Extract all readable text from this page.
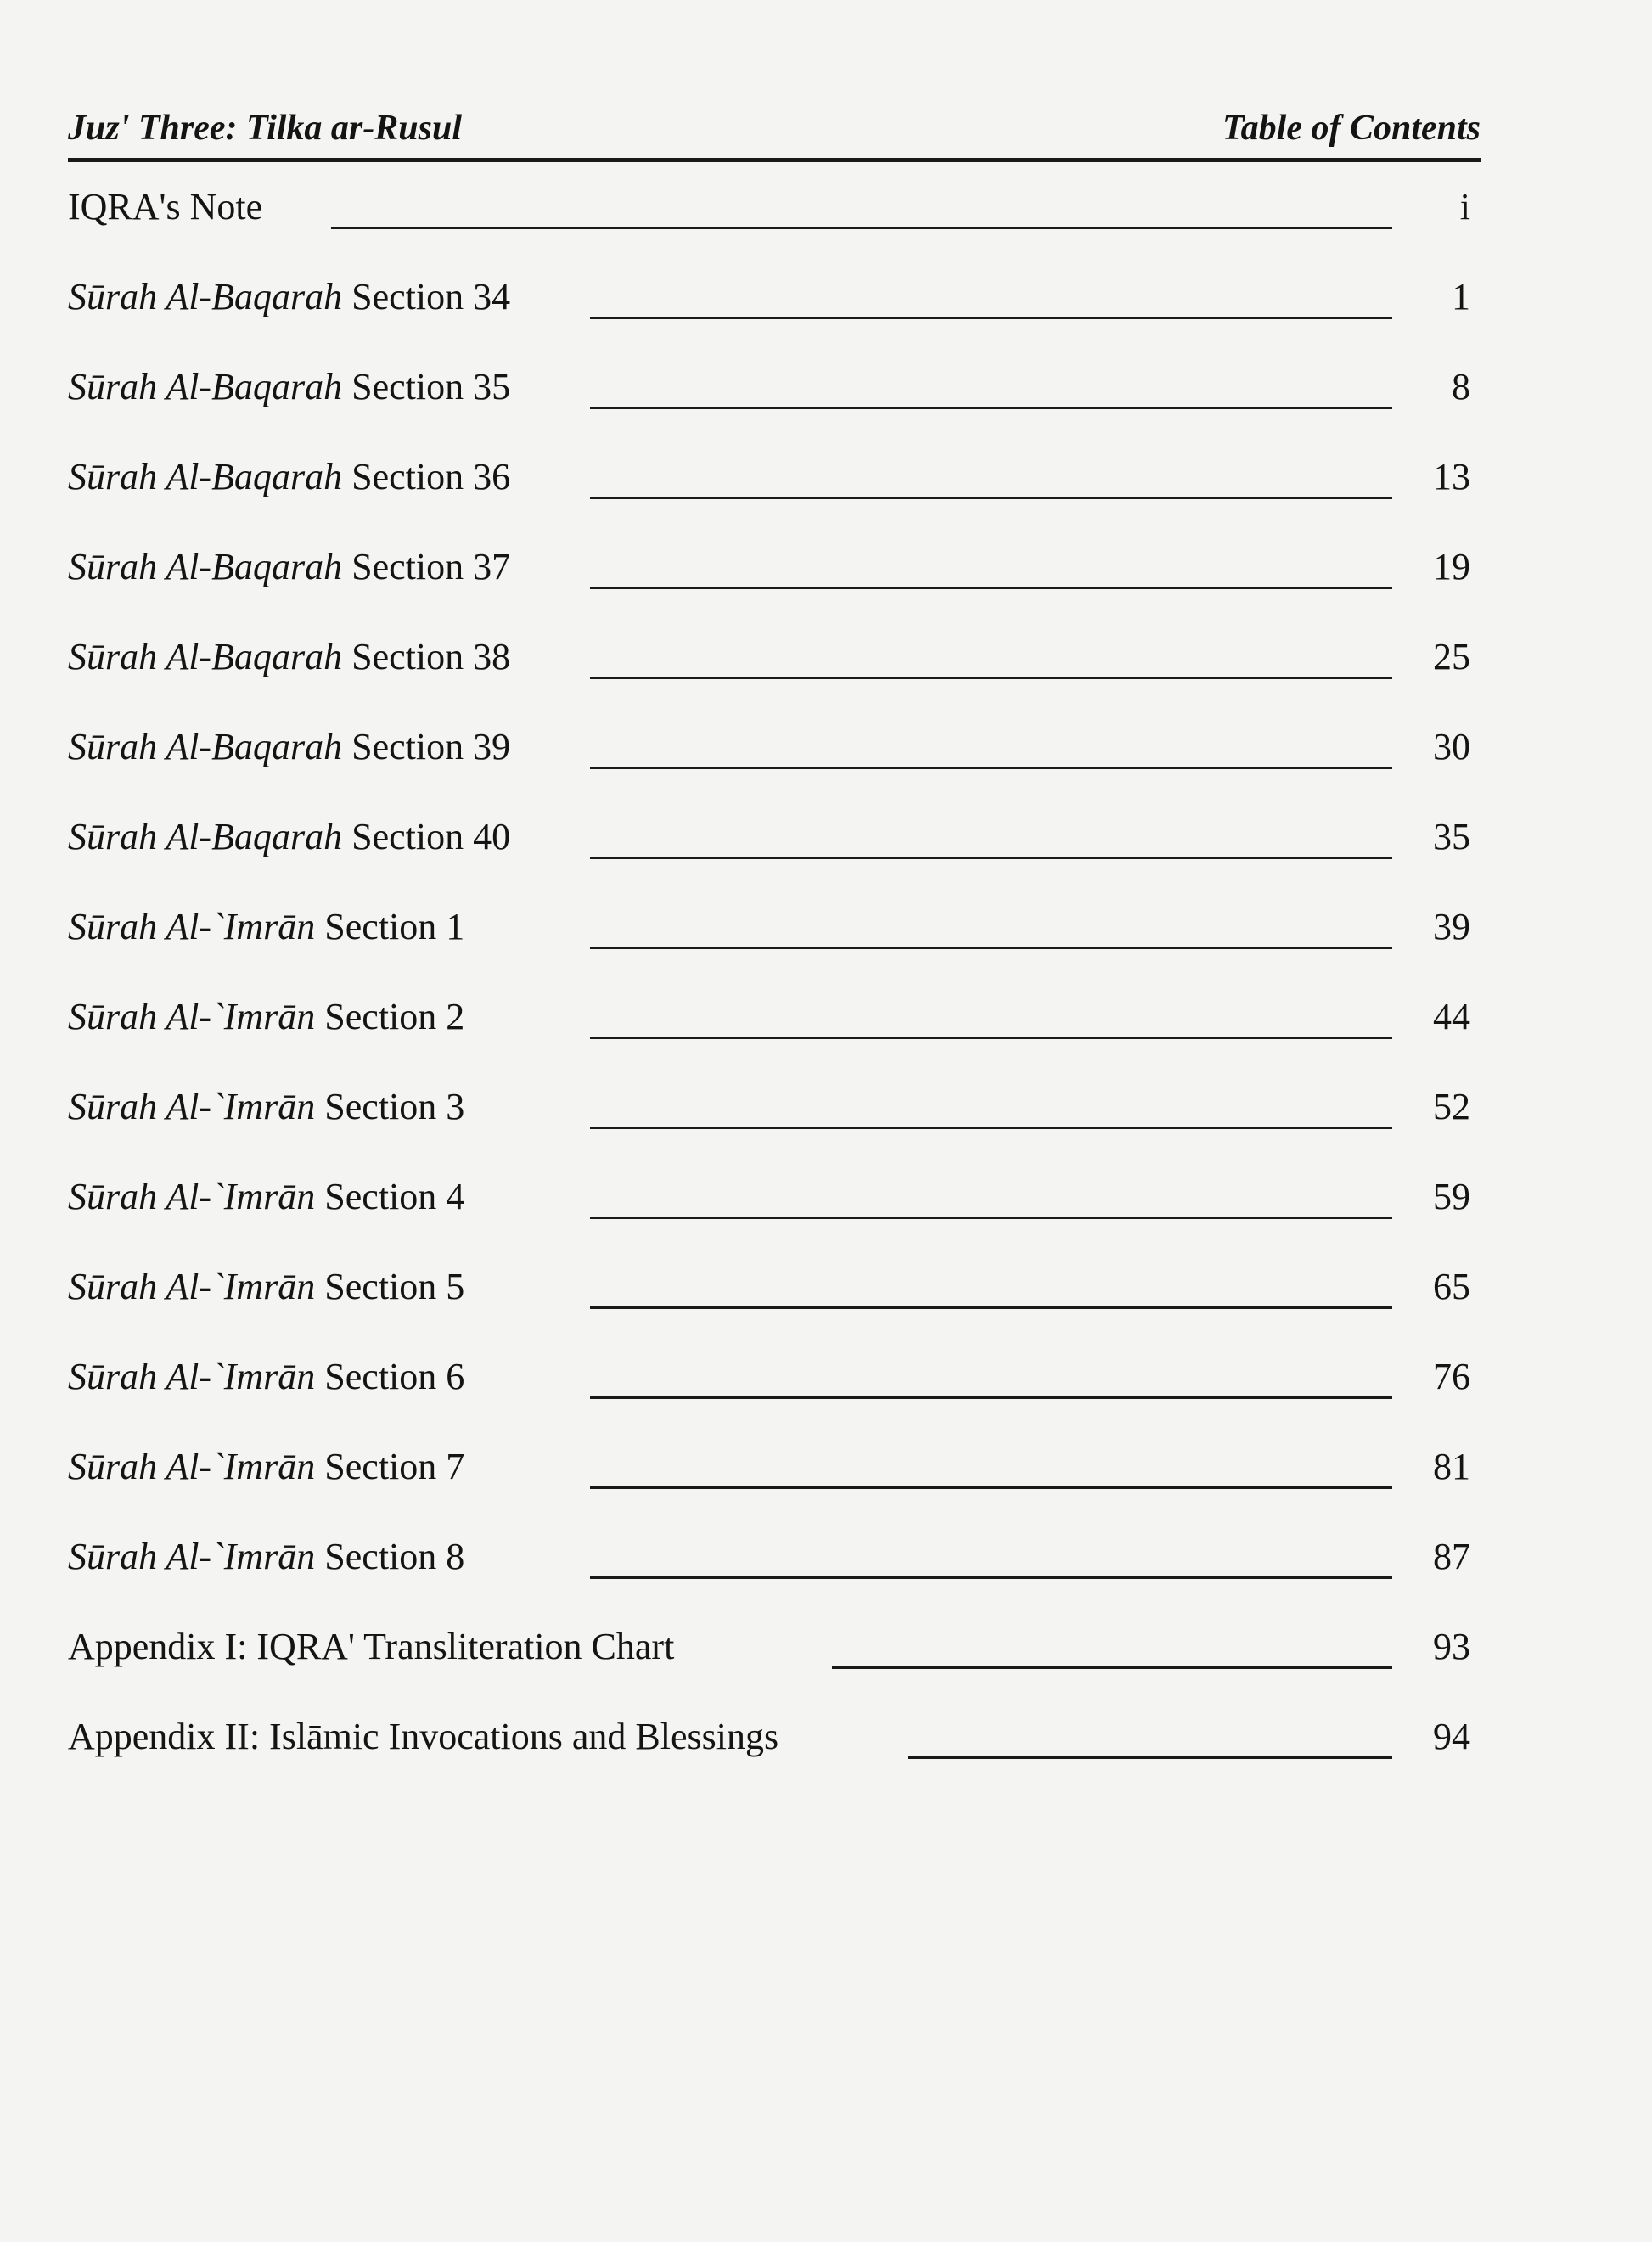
Juz' Three: Tilka ar-Rusul	Table of Contents
IQRA's Note	i
Sūrah Al-Baqarah Section 34	1
Sūrah Al-Baqarah Section 35	8
Sūrah Al-Baqarah Section 36	13
Sūrah Al-Baqarah Section 37	19
Sūrah Al-Baqarah Section 38	25
Sūrah Al-Baqarah Section 39	30
Sūrah Al-Baqarah Section 40	35
Sūrah Al-`Imrān Section 1	39
Sūrah Al-`Imrān Section 2	44
Sūrah Al-`Imrān Section 3	52
Sūrah Al-`Imrān Section 4	59
Sūrah Al-`Imrān Section 5	65
Sūrah Al-`Imrān Section 6	76
Sūrah Al-`Imrān Section 7	81
Sūrah Al-`Imrān Section 8	87
Appendix I: IQRA' Transliteration Chart	93
Appendix II: Islāmic Invocations and Blessings	94
